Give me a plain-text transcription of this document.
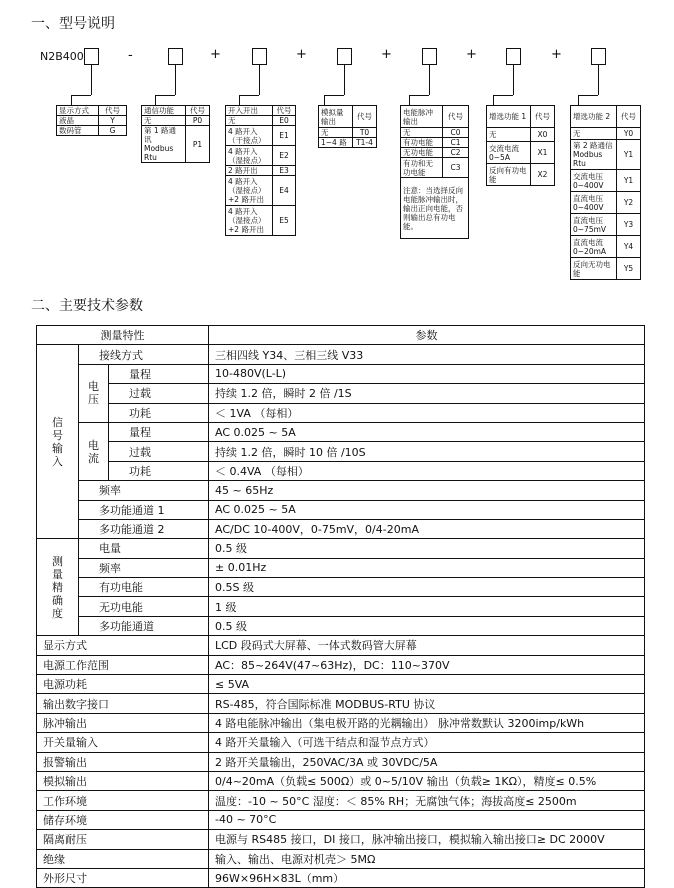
一、型号说明
N2B400	-	+	+	+	+	+
显示方式	代号
液晶	Y
数码管	G
通信功能	代号
无	P0
第 1 路通讯 Modbus Rtu	P1
开入开出	代号
无	E0
4 路开入（干接点）	E1
4 路开入（湿接点）	E2
2 路开出	E3
4 路开入（湿接点）+2 路开出	E4
4 路开入（湿接点）+2 路开出	E5
模拟量输出	代号
无	T0
1~4 路	T1-4
电能脉冲输出	代号
无	C0
有功电能	C1
无功电能	C2
有功和无功电能	C3
注意：当选择反向电能脉冲输出时，输出正向电能，否则输出总有功电能。	
增选功能 1	代号
无	X0
交流电流 0~5A	X1
反向有功电能	X2
增选功能 2	代号
无	Y0
第 2 路通信 Modbus Rtu	Y1
交流电压 0~400V	Y1
直流电压 0~400V	Y2
直流电压 0~75mV	Y3
直流电流 0~20mA	Y4
反向无功电能	Y5
二、主要技术参数
测量特性			参数
信号输入	接线方式		三相四线 Y34、三相三线 V33
	电压	量程	10-480V(L-L)
		过载	持续 1.2 倍，瞬时 2 倍 /1S
		功耗	＜ 1VA （每相）
	电流	量程	AC 0.025 ~ 5A
		过载	持续 1.2 倍，瞬时 10 倍 /10S
		功耗	＜ 0.4VA （每相）
	频率		45 ~ 65Hz
	多功能通道 1		AC 0.025 ~ 5A
	多功能通道 2		AC/DC 10-400V，0-75mV，0/4-20mA
测量精确度	电量		0.5 级
	频率		± 0.01Hz
	有功电能		0.5S 级
	无功电能		1 级
	多功能通道		0.5 级
显示方式			LCD 段码式大屏幕、一体式数码管大屏幕
电源工作范围			AC：85~264V(47~63Hz)，DC：110~370V
电源功耗			≤ 5VA
输出数字接口			RS-485，符合国际标准 MODBUS-RTU 协议
脉冲输出			4 路电能脉冲输出（集电极开路的光耦输出） 脉冲常数默认 3200imp/kWh
开关量输入			4 路开关量输入（可选干结点和湿节点方式）
报警输出			2 路开关量输出，250VAC/3A 或 30VDC/5A
模拟输出			0/4~20mA（负载≤ 500Ω）或 0~5/10V 输出（负载≥ 1KΩ），精度≤ 0.5%
工作环境			温度：-10 ~ 50°C 湿度：＜ 85% RH；无腐蚀气体；海拔高度≤ 2500m
储存环境			-40 ~ 70°C
隔离耐压			电源与 RS485 接口，DI 接口，脉冲输出接口，模拟输入输出接口≥ DC 2000V
绝缘			输入、输出、电源对机壳＞ 5MΩ
外形尺寸			96W×96H×83L（mm）
